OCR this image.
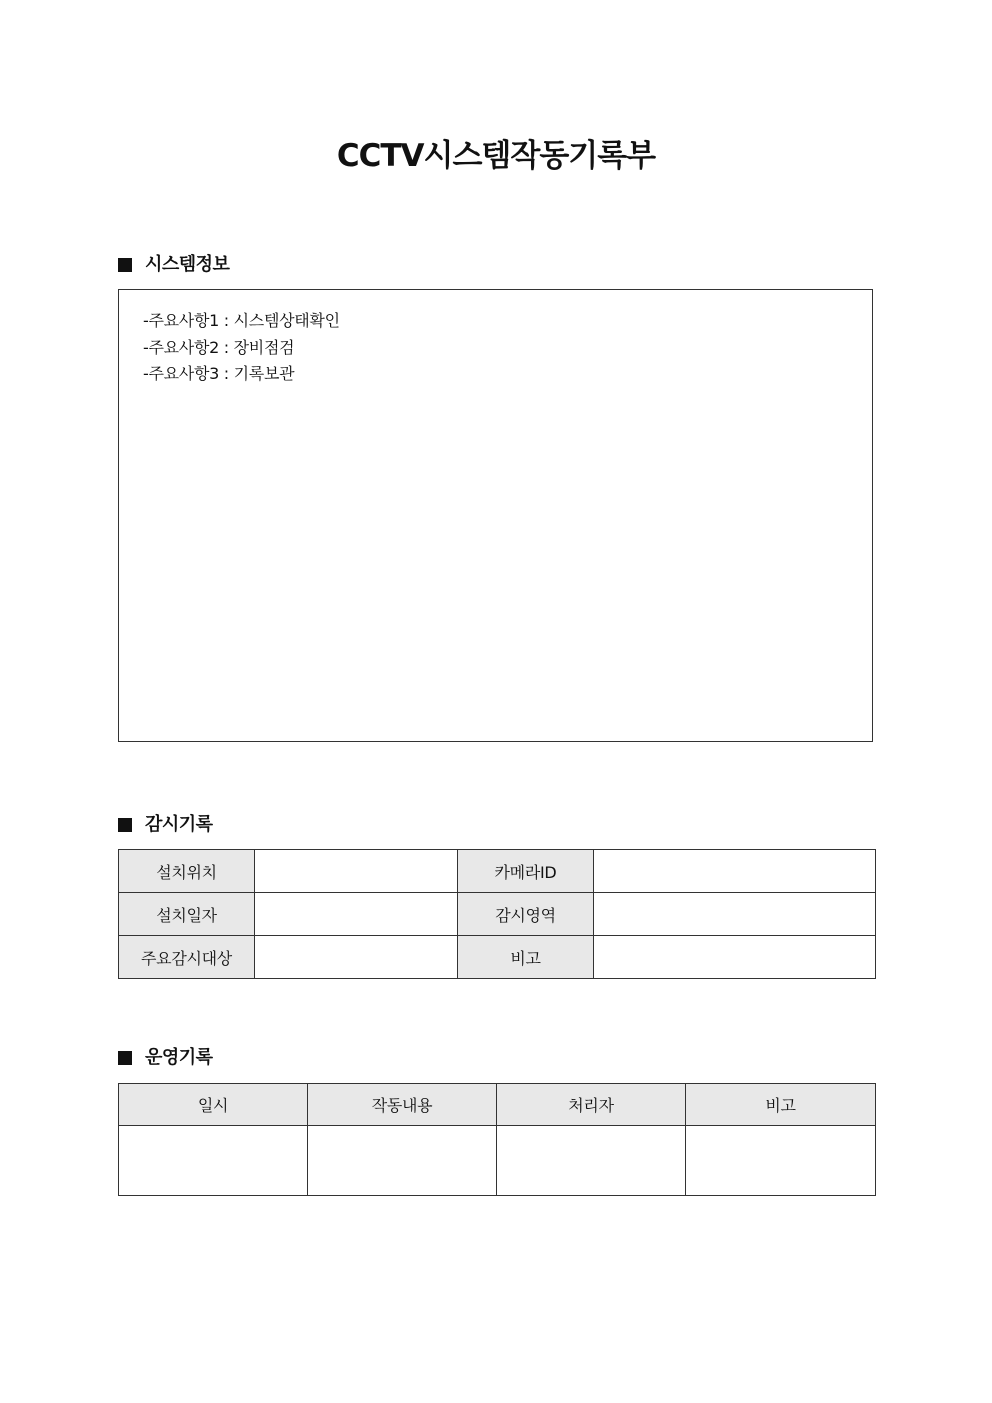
CCTV시스템작동기록부
시스템정보
-주요사항1 : 시스템상태확인
-주요사항2 : 장비점검
-주요사항3 : 기록보관
감시기록
설치위치		카메라ID	
설치일자		감시영역	
주요감시대상		비고	
운영기록
일시	작동내용	처리자	비고
